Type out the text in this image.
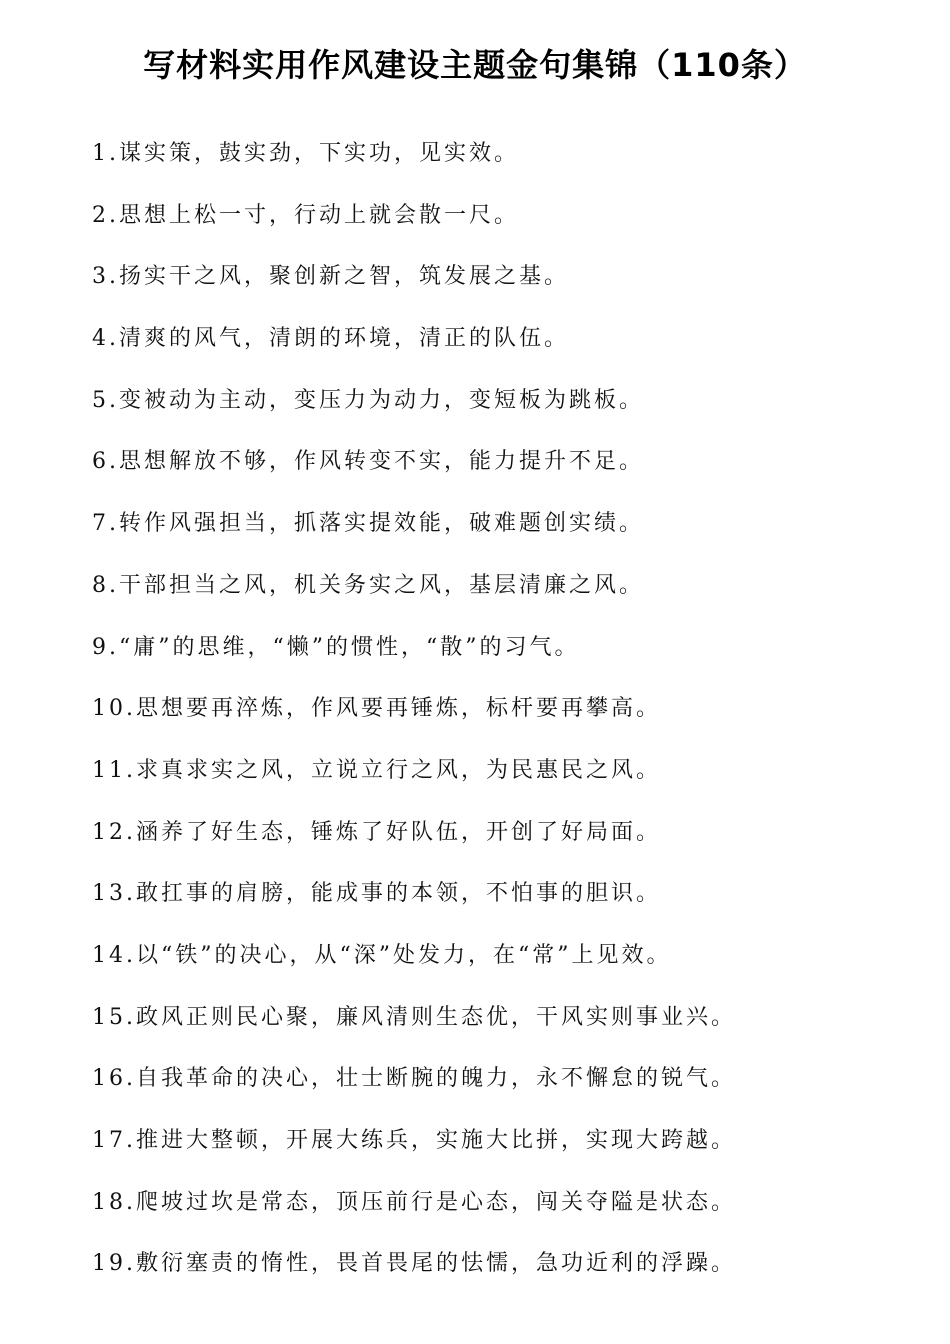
写材料实用作风建设主题金句集锦（110条）
1.谋实策，鼓实劲，下实功，见实效。
2.思想上松一寸，行动上就会散一尺。
3.扬实干之风，聚创新之智，筑发展之基。
4.清爽的风气，清朗的环境，清正的队伍。
5.变被动为主动，变压力为动力，变短板为跳板。
6.思想解放不够，作风转变不实，能力提升不足。
7.转作风强担当，抓落实提效能，破难题创实绩。
8.干部担当之风，机关务实之风，基层清廉之风。
9.“庸”的思维，“懒”的惯性，“散”的习气。
10.思想要再淬炼，作风要再锤炼，标杆要再攀高。
11.求真求实之风，立说立行之风，为民惠民之风。
12.涵养了好生态，锤炼了好队伍，开创了好局面。
13.敢扛事的肩膀，能成事的本领，不怕事的胆识。
14.以“铁”的决心，从“深”处发力，在“常”上见效。
15.政风正则民心聚，廉风清则生态优，干风实则事业兴。
16.自我革命的决心，壮士断腕的魄力，永不懈怠的锐气。
17.推进大整顿，开展大练兵，实施大比拼，实现大跨越。
18.爬坡过坎是常态，顶压前行是心态，闯关夺隘是状态。
19.敷衍塞责的惰性，畏首畏尾的怯懦，急功近利的浮躁。
